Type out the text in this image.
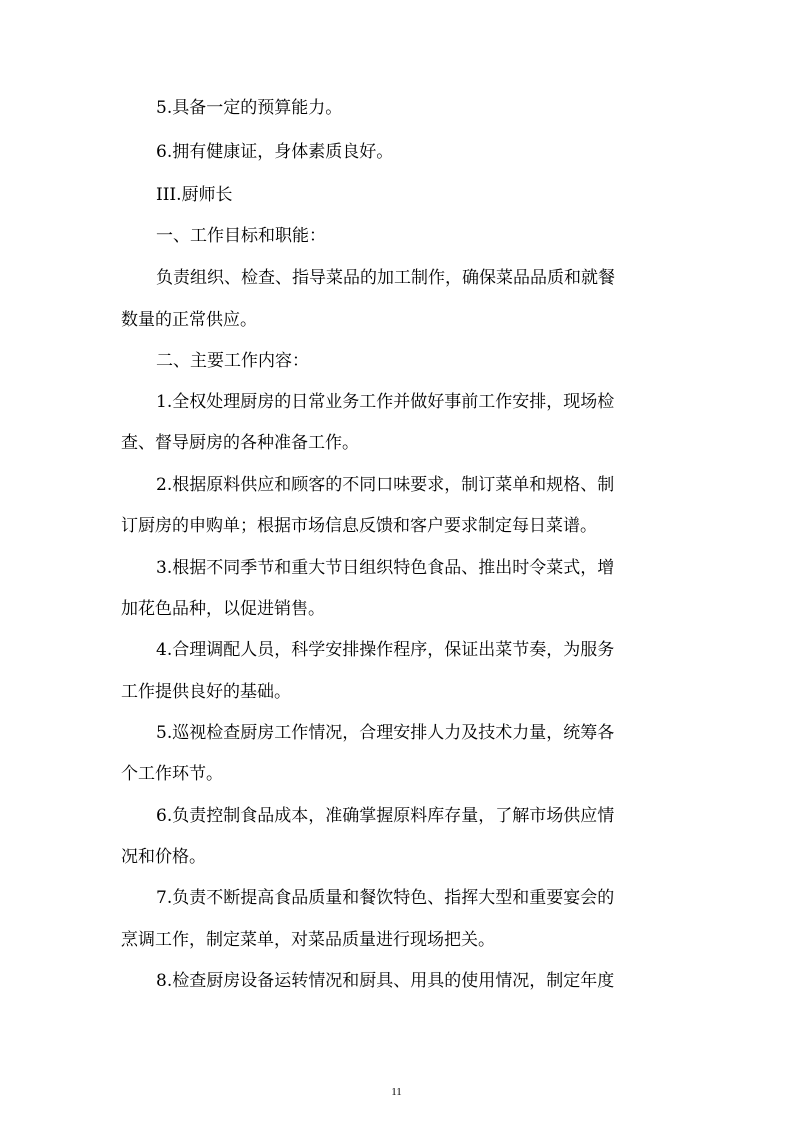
5.具备一定的预算能力。
6.拥有健康证，身体素质良好。
III.厨师长
一、工作目标和职能：
负责组织、检查、指导菜品的加工制作，确保菜品品质和就餐
数量的正常供应。
二、主要工作内容：
1.全权处理厨房的日常业务工作并做好事前工作安排，现场检
查、督导厨房的各种准备工作。
2.根据原料供应和顾客的不同口味要求，制订菜单和规格、制
订厨房的申购单；根据市场信息反馈和客户要求制定每日菜谱。
3.根据不同季节和重大节日组织特色食品、推出时令菜式，增
加花色品种，以促进销售。
4.合理调配人员，科学安排操作程序，保证出菜节奏，为服务
工作提供良好的基础。
5.巡视检查厨房工作情况，合理安排人力及技术力量，统筹各
个工作环节。
6.负责控制食品成本，准确掌握原料库存量，了解市场供应情
况和价格。
7.负责不断提高食品质量和餐饮特色、指挥大型和重要宴会的
烹调工作，制定菜单，对菜品质量进行现场把关。
8.检查厨房设备运转情况和厨具、用具的使用情况，制定年度
11
